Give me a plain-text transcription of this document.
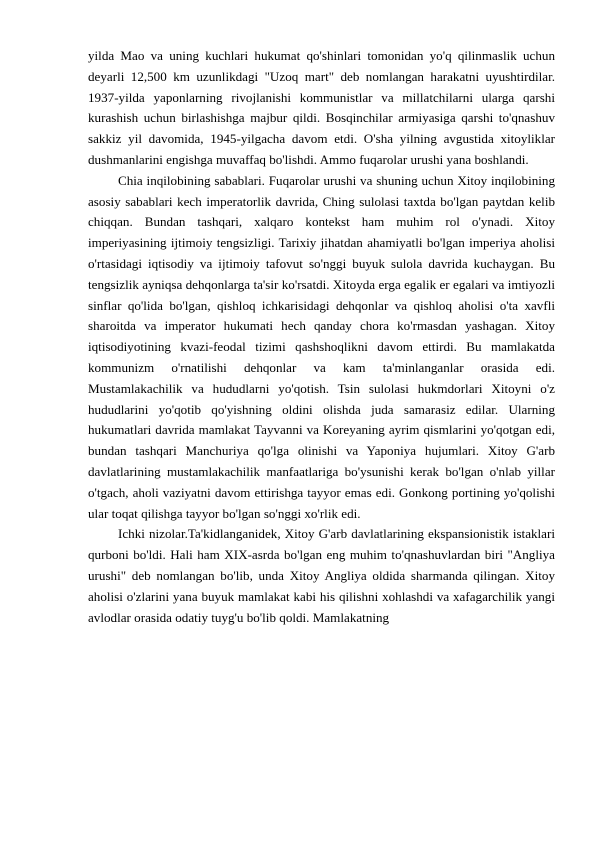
yilda Mao va uning kuchlari hukumat qo'shinlari tomonidan yo'q qilinmaslik uchun deyarli 12,500 km uzunlikdagi "Uzoq mart" deb nomlangan harakatni uyushtirdilar. 1937-yilda yaponlarning rivojlanishi kommunistlar va millatchilarni ularga qarshi kurashish uchun birlashishga majbur qildi. Bosqinchilar armiyasiga qarshi to'qnashuv sakkiz yil davomida, 1945-yilgacha davom etdi. O'sha yilning avgustida xitoyliklar dushmanlarini engishga muvaffaq bo'lishdi. Ammo fuqarolar urushi yana boshlandi.

Chia inqilobining sabablari. Fuqarolar urushi va shuning uchun Xitoy inqilobining asosiy sabablari kech imperatorlik davrida, Ching sulolasi taxtda bo'lgan paytdan kelib chiqqan. Bundan tashqari, xalqaro kontekst ham muhim rol o'ynadi. Xitoy imperiyasining ijtimoiy tengsizligi. Tarixiy jihatdan ahamiyatli bo'lgan imperiya aholisi o'rtasidagi iqtisodiy va ijtimoiy tafovut so'nggi buyuk sulola davrida kuchaygan. Bu tengsizlik ayniqsa dehqonlarga ta'sir ko'rsatdi. Xitoyda erga egalik er egalari va imtiyozli sinflar qo'lida bo'lgan, qishloq ichkarisidagi dehqonlar va qishloq aholisi o'ta xavfli sharoitda va imperator hukumati hech qanday chora ko'rmasdan yashagan. Xitoy iqtisodiyotining kvazi-feodal tizimi qashshoqlikni davom ettirdi. Bu mamlakatda kommunizm o'rnatilishi dehqonlar va kam ta'minlanganlar orasida edi. Mustamlakachilik va hududlarni yo'qotish. Tsin sulolasi hukmdorlari Xitoyni o'z hududlarini yo'qotib qo'yishning oldini olishda juda samarasiz edilar. Ularning hukumatlari davrida mamlakat Tayvanni va Koreyaning ayrim qismlarini yo'qotgan edi, bundan tashqari Manchuriya qo'lga olinishi va Yaponiya hujumlari. Xitoy G'arb davlatlarining mustamlakachilik manfaatlariga bo'ysunishi kerak bo'lgan o'nlab yillar o'tgach, aholi vaziyatni davom ettirishga tayyor emas edi. Gonkong portining yo'qolishi ular toqat qilishga tayyor bo'lgan so'nggi xo'rlik edi.

Ichki nizolar.Ta'kidlanganidek, Xitoy G'arb davlatlarining ekspansionistik istaklari qurboni bo'ldi. Hali ham XIX-asrda bo'lgan eng muhim to'qnashuvlardan biri "Angliya urushi" deb nomlangan bo'lib, unda Xitoy Angliya oldida sharmanda qilingan. Xitoy aholisi o'zlarini yana buyuk mamlakat kabi his qilishni xohlashdi va xafagarchilik yangi avlodlar orasida odatiy tuyg'u bo'lib qoldi. Mamlakatning
